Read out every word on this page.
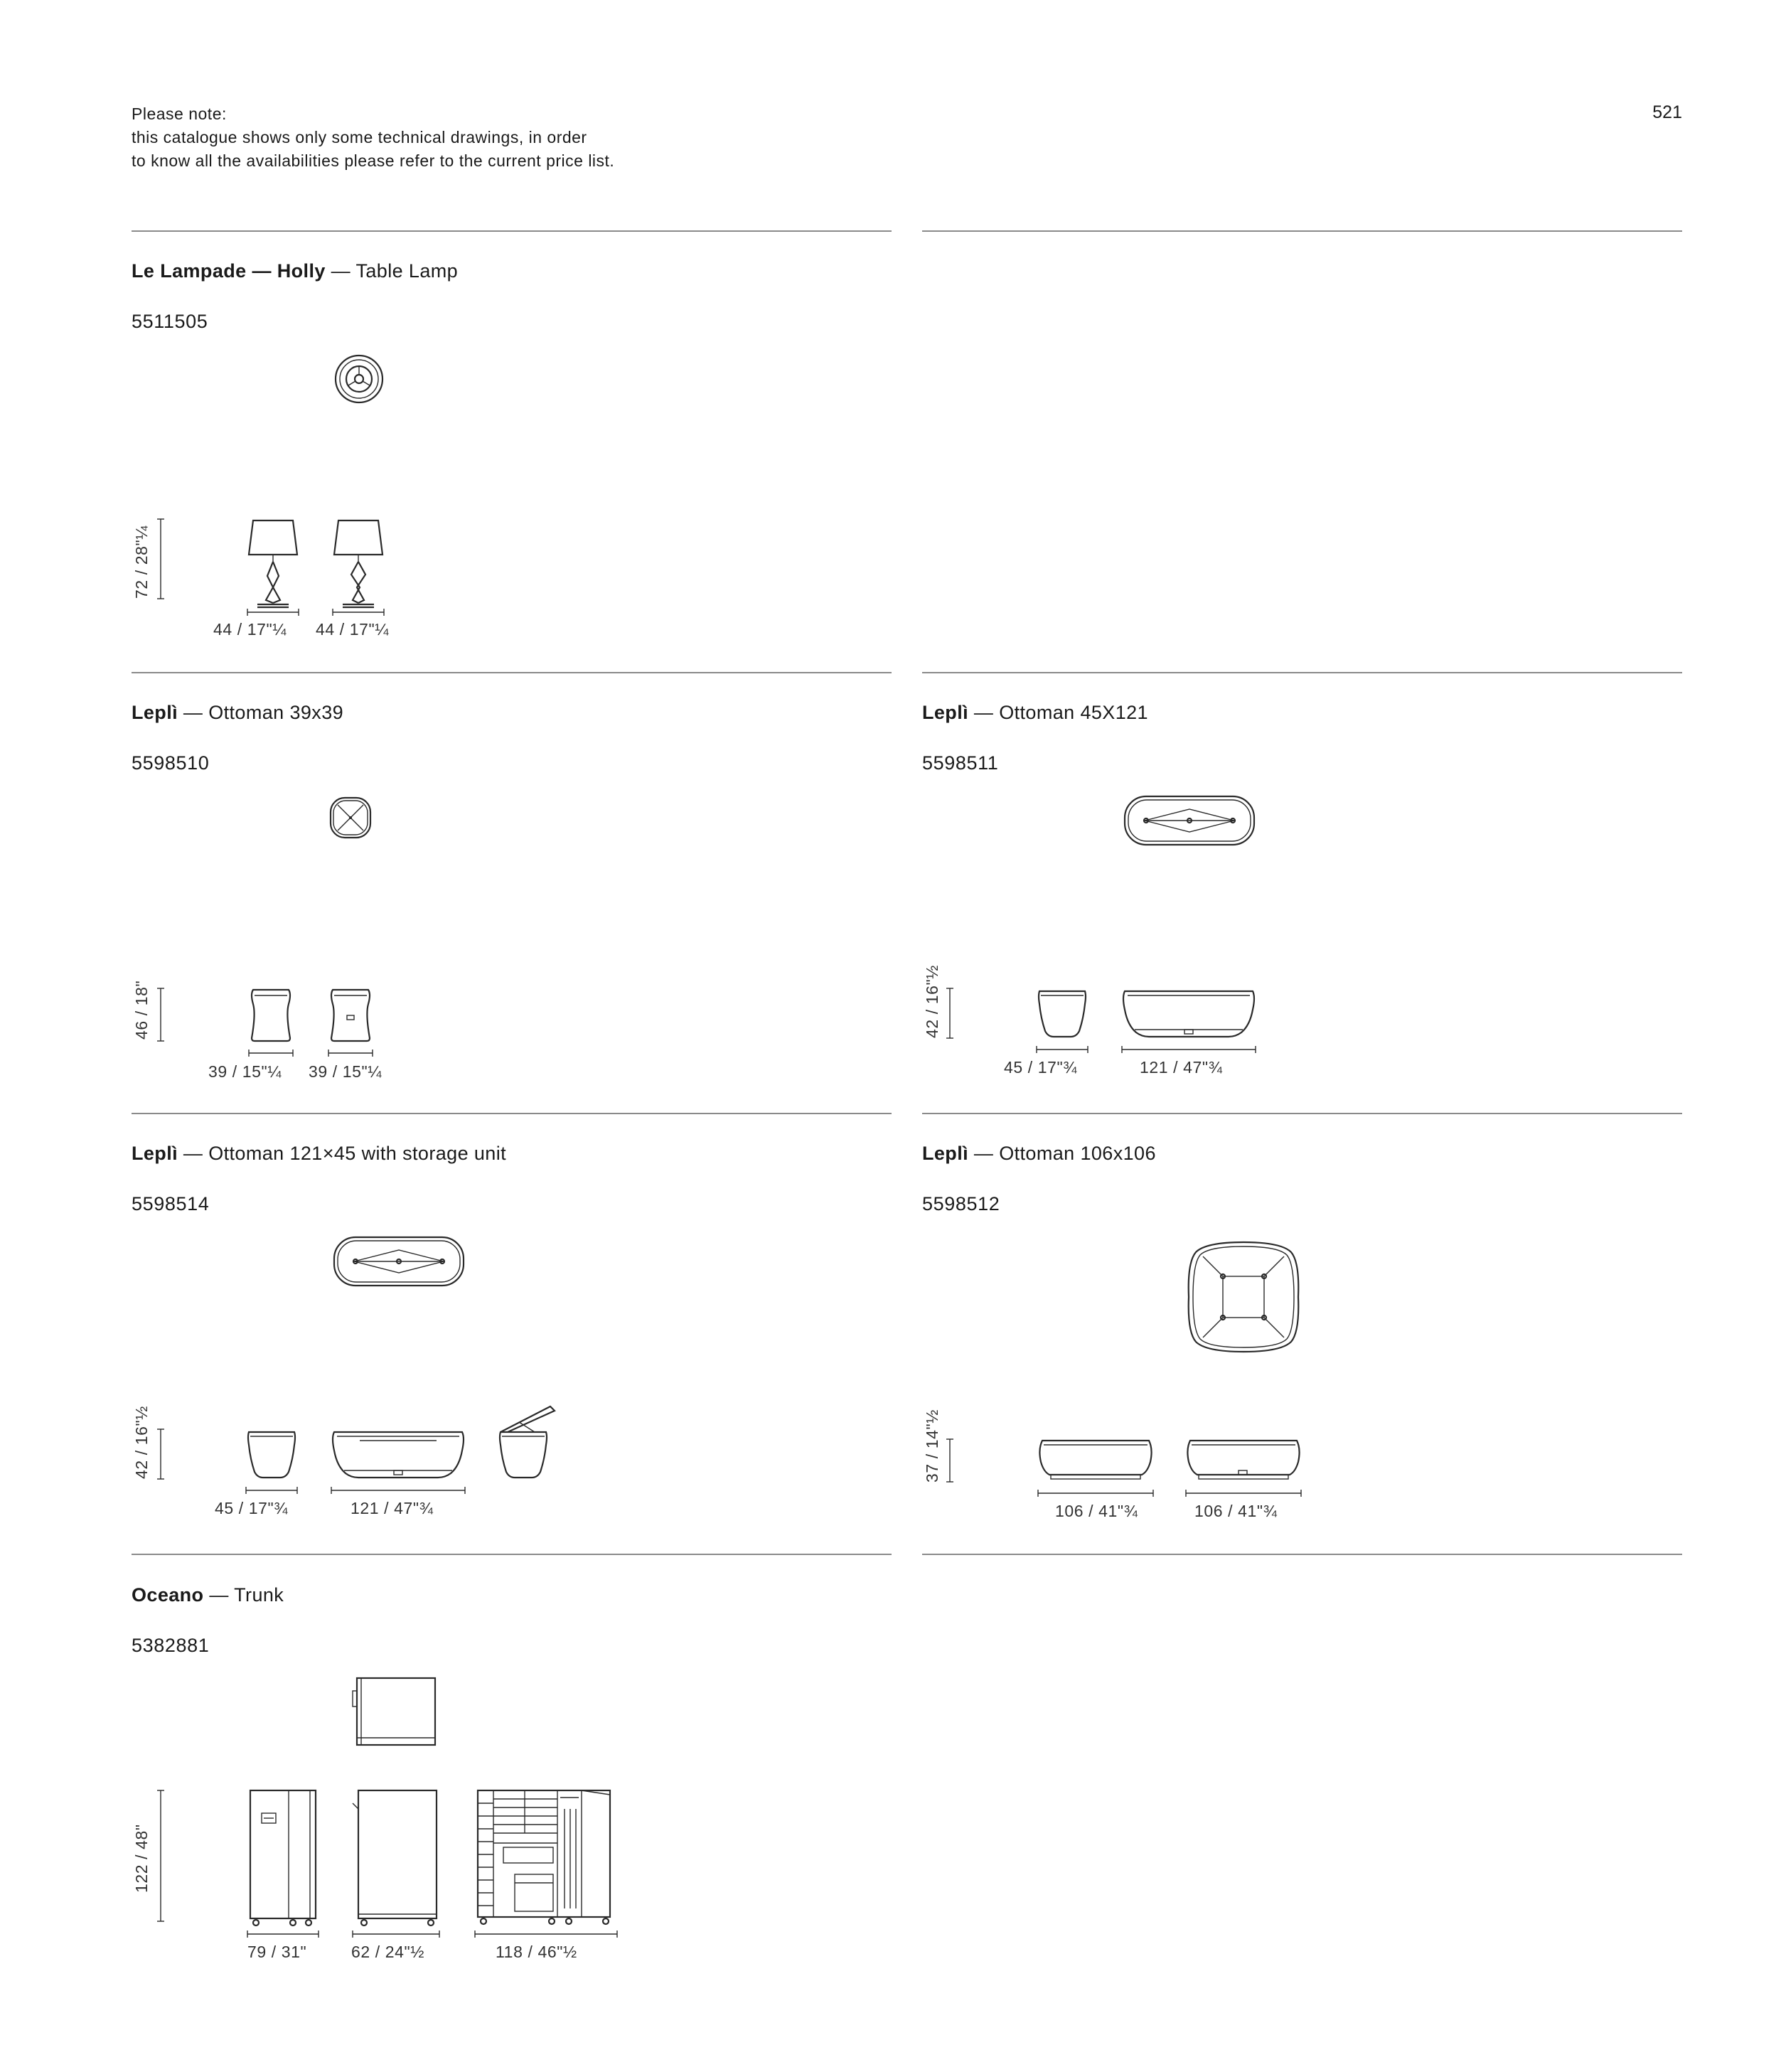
Please note:
this catalogue shows only some technical drawings, in order
to know all the availabilities please refer to the current price list.
521
Le Lampade — Holly — Table Lamp
5511505
72 / 28"¼
44 / 17"¼ 44 / 17"¼
Leplì — Ottoman 39x39
5598510
46 / 18"
39 / 15"¼ 39 / 15"¼
Leplì — Ottoman 45X121
5598511
42 / 16"½
45 / 17"¾	121 / 47"¾
Leplì — Ottoman 121×45 with storage unit
5598514
42 / 16"½
45 / 17"¾	121 / 47"¾
Leplì — Ottoman 106x106
5598512
37 / 14"½
106 / 41"¾	106 / 41"¾
Oceano — Trunk
5382881
122 / 48"
79 / 31"	62 / 24"½	118 / 46"½
